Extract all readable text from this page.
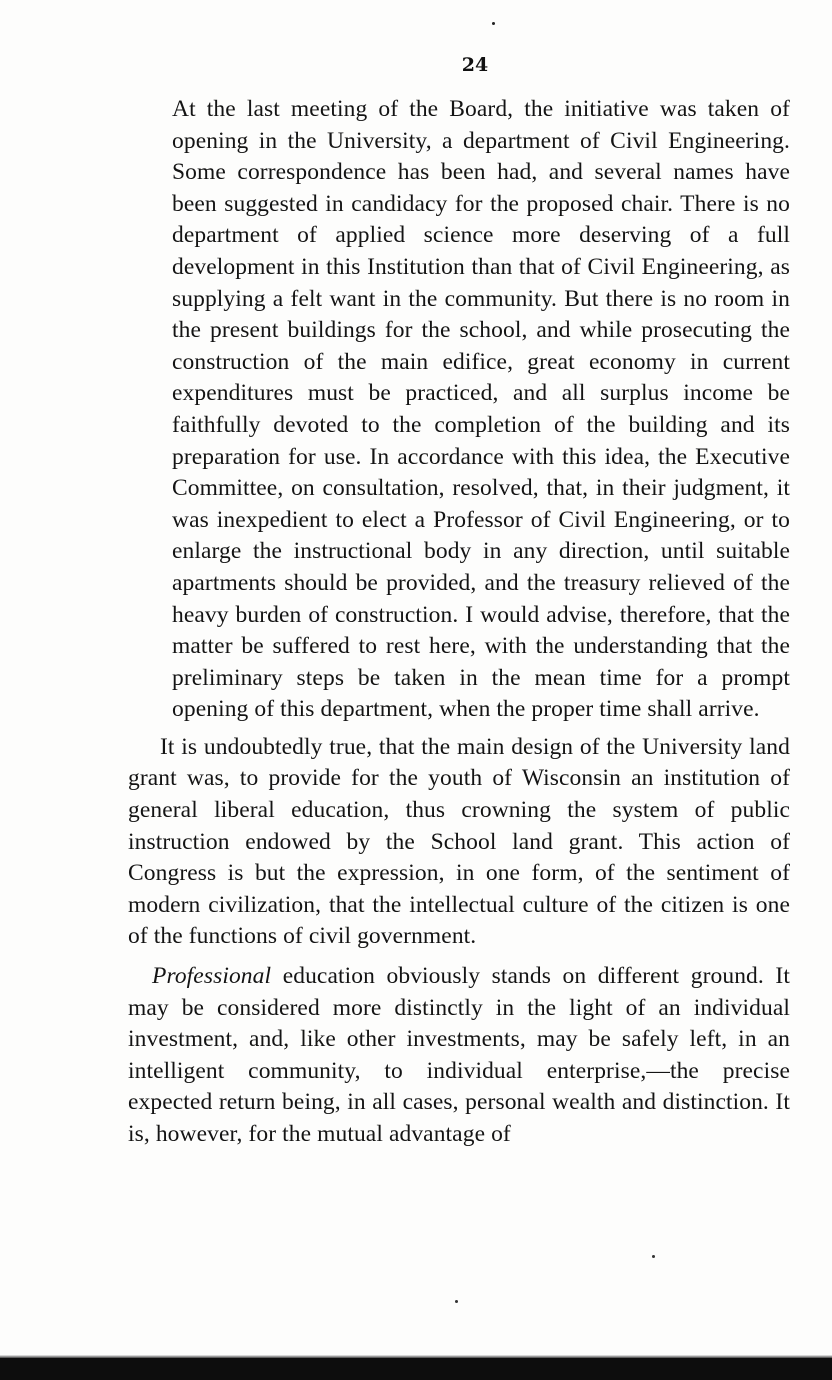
24

At the last meeting of the Board, the initiative was taken of opening in the University, a department of Civil Engineering. Some correspondence has been had, and several names have been suggested in candidacy for the proposed chair. There is no department of applied science more deserving of a full development in this Institution than that of Civil Engineering, as supplying a felt want in the community. But there is no room in the present buildings for the school, and while prosecuting the construction of the main edifice, great economy in current expenditures must be practiced, and all surplus income be faithfully devoted to the completion of the building and its preparation for use. In accordance with this idea, the Executive Committee, on consultation, resolved, that, in their judgment, it was inexpedient to elect a Professor of Civil Engineering, or to enlarge the instructional body in any direction, until suitable apartments should be provided, and the treasury relieved of the heavy burden of construction. I would advise, therefore, that the matter be suffered to rest here, with the understanding that the preliminary steps be taken in the mean time for a prompt opening of this department, when the proper time shall arrive.

It is undoubtedly true, that the main design of the University land grant was, to provide for the youth of Wisconsin an institution of general liberal education, thus crowning the system of public instruction endowed by the School land grant. This action of Congress is but the expression, in one form, of the sentiment of modern civilization, that the intellectual culture of the citizen is one of the functions of civil government.

Professional education obviously stands on different ground. It may be considered more distinctly in the light of an individual investment, and, like other investments, may be safely left, in an intelligent community, to individual enterprise,—the precise expected return being, in all cases, personal wealth and distinction. It is, however, for the mutual advantage of
